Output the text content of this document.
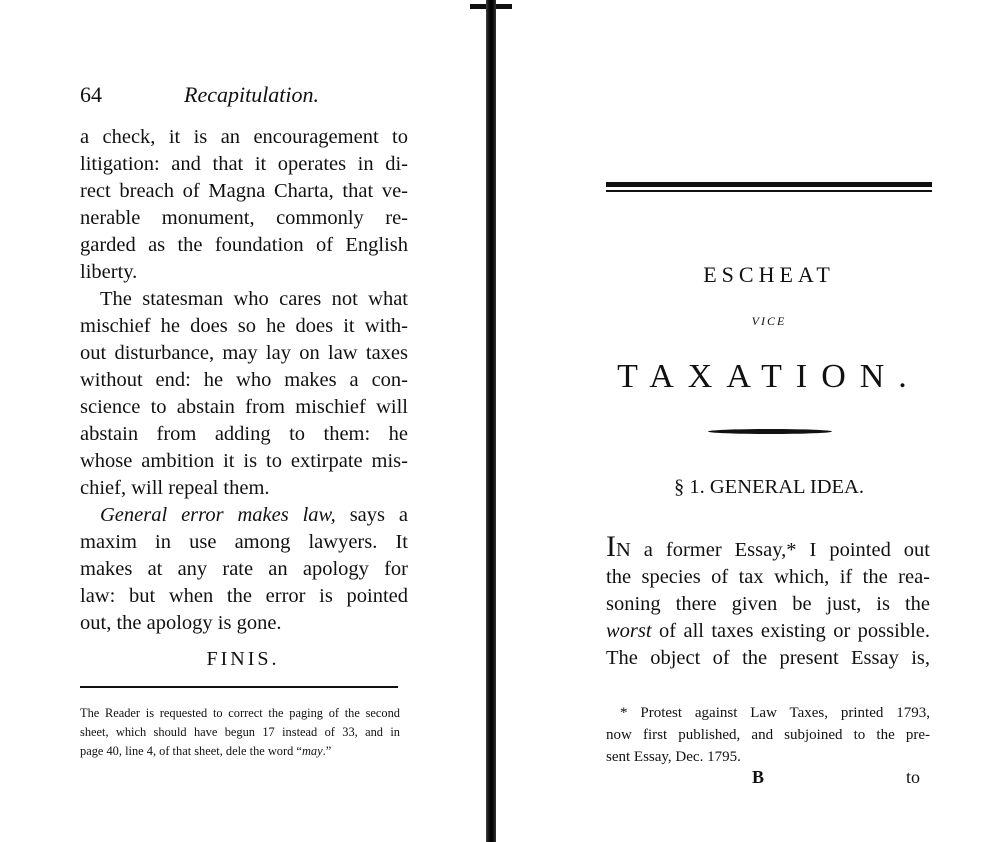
64	Recapitulation.
a check, it is an encouragement to
litigation: and that it operates in di-
rect breach of Magna Charta, that ve-
nerable monument, commonly re-
garded as the foundation of English
liberty.
The statesman who cares not what
mischief he does so he does it with-
out disturbance, may lay on law taxes
without end: he who makes a con-
science to abstain from mischief will
abstain from adding to them: he
whose ambition it is to extirpate mis-
chief, will repeal them.
General error makes law, says a
maxim in use among lawyers. It
makes at any rate an apology for
law: but when the error is pointed
out, the apology is gone.
FINIS.
The Reader is requested to correct the paging of the second
sheet, which should have begun 17 instead of 33, and in
page 40, line 4, of that sheet, dele the word “may.”
ESCHEAT
VICE
TAXATION.
§ 1. GENERAL IDEA.
IN a former Essay,* I pointed out
the species of tax which, if the rea-
soning there given be just, is the
worst of all taxes existing or possible.
The object of the present Essay is,
* Protest against Law Taxes, printed 1793,
now first published, and subjoined to the pre-
sent Essay, Dec. 1795.
B	to
